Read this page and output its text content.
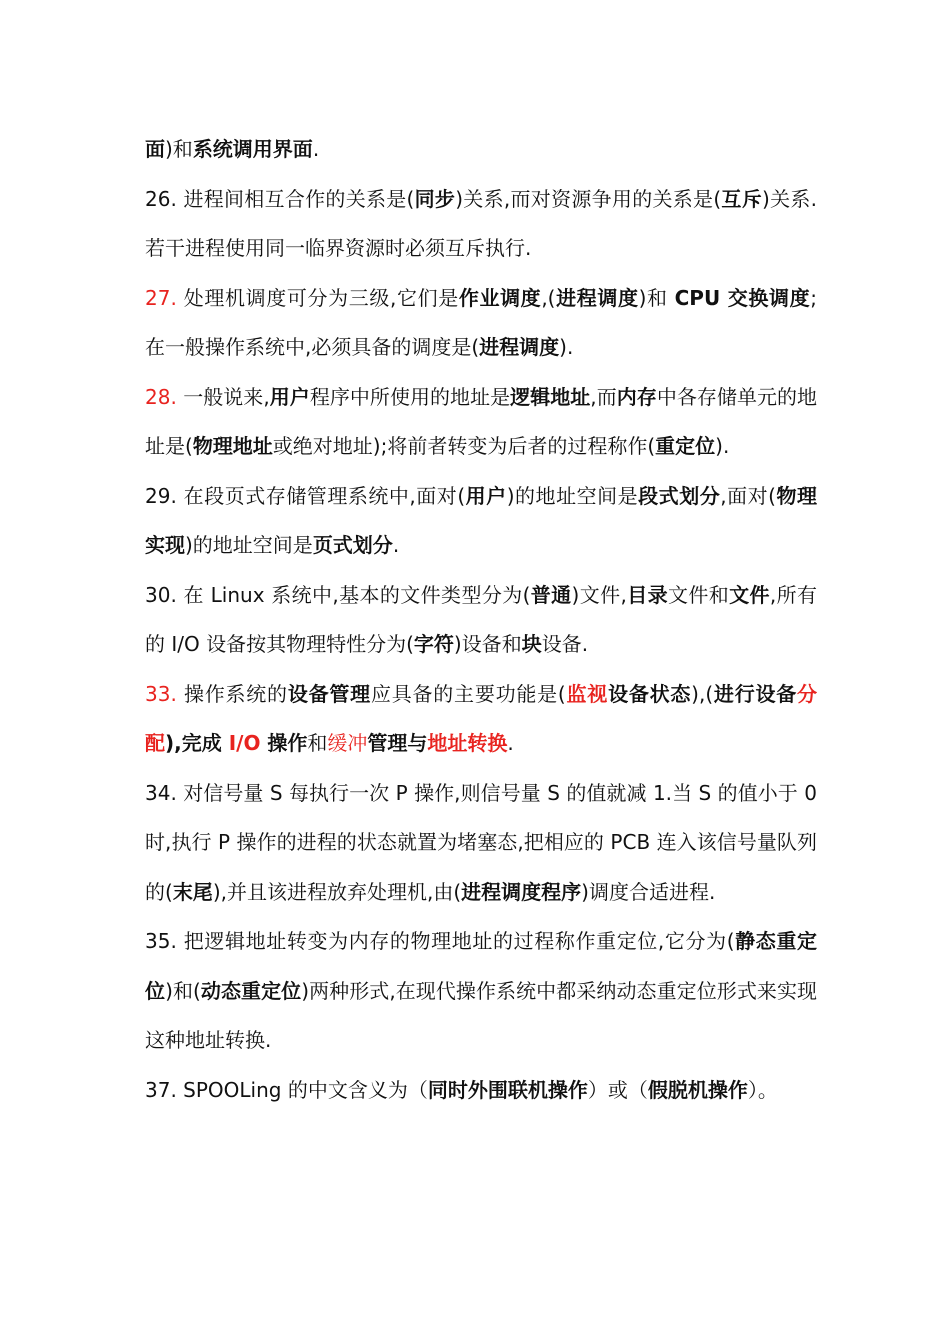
面)和系统调用界面.

26. 进程间相互合作的关系是(同步)关系,而对资源争用的关系是(互斥)关系.若干进程使用同一临界资源时必须互斥执行.

27. 处理机调度可分为三级,它们是作业调度,(进程调度)和 CPU 交换调度;在一般操作系统中,必须具备的调度是(进程调度).

28. 一般说来,用户程序中所使用的地址是逻辑地址,而内存中各存储单元的地址是(物理地址或绝对地址);将前者转变为后者的过程称作(重定位).

29. 在段页式存储管理系统中,面对(用户)的地址空间是段式划分,面对(物理实现)的地址空间是页式划分.

30. 在 Linux 系统中,基本的文件类型分为(普通)文件,目录文件和文件,所有的 I/O 设备按其物理特性分为(字符)设备和块设备.

33. 操作系统的设备管理应具备的主要功能是(监视设备状态),(进行设备分配),完成 I/O 操作和缓冲管理与地址转换.

34. 对信号量 S 每执行一次 P 操作,则信号量 S 的值就减 1.当 S 的值小于 0 时,执行 P 操作的进程的状态就置为堵塞态,把相应的 PCB 连入该信号量队列的(末尾),并且该进程放弃处理机,由(进程调度程序)调度合适进程.

35. 把逻辑地址转变为内存的物理地址的过程称作重定位,它分为(静态重定位)和(动态重定位)两种形式,在现代操作系统中都采纳动态重定位形式来实现这种地址转换.

37. SPOOLing 的中文含义为（同时外围联机操作）或（假脱机操作）。
